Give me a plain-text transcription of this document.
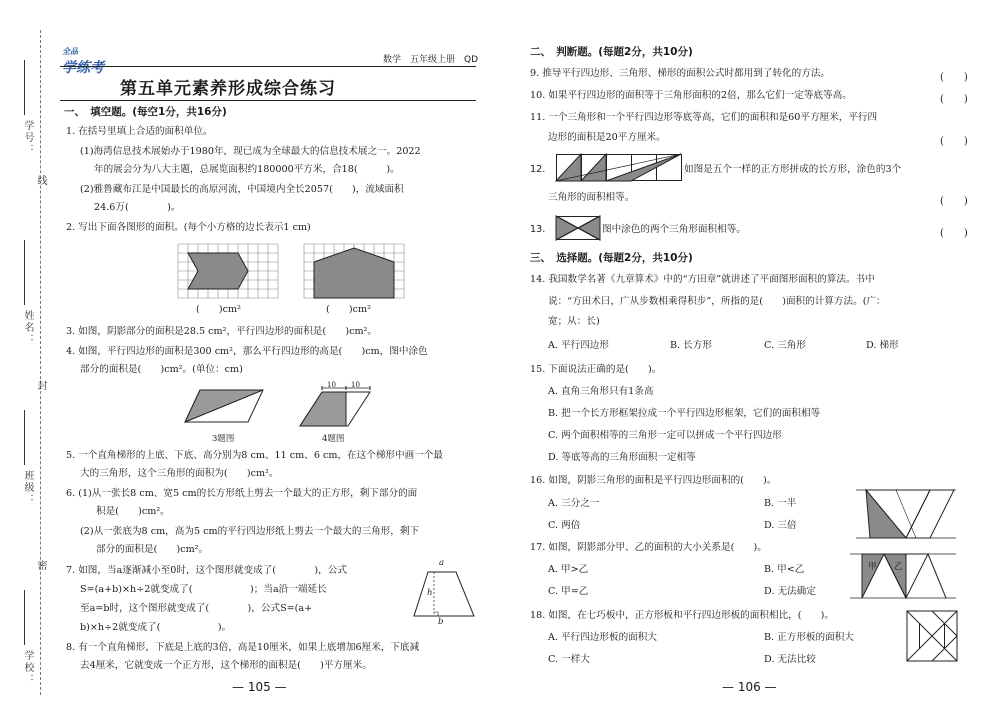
学号：
线
姓名：
封
班级：
密
学校：
全品
学练考	数学　五年级上册　QD
第五单元素养形成综合练习
一、　填空题。(每空1分，共16分)
1. 在括号里填上合适的面积单位。
(1)海湾信息技术展始办于1980年，现已成为全球最大的信息技术展之一。2022
年的展会分为八大主题，总展览面积约180000平方米，合18(　　　)。
(2)雅鲁藏布江是中国最长的高原河流，中国境内全长2057(　　)，流域面积
24.6万(　　　　)。
2. 写出下面各图形的面积。(每个小方格的边长表示1 cm)
(　　)cm²	(　　)cm²
3. 如图，阴影部分的面积是28.5 cm²，平行四边形的面积是(　　)cm²。
4. 如图，平行四边形的面积是300 cm²，那么平行四边形的高是(　　)cm，图中涂色
部分的面积是(　　)cm²。(单位：cm)
3题图
10 10
4题图
5. 一个直角梯形的上底、下底、高分别为8 cm、11 cm、6 cm，在这个梯形中画一个最
大的三角形，这个三角形的面积为(　　)cm²。
6. (1)从一张长8 cm、宽5 cm的长方形纸上剪去一个最大的正方形，剩下部分的面
积是(　　)cm²。
(2)从一张底为8 cm，高为5 cm的平行四边形纸上剪去一个最大的三角形，剩下
部分的面积是(　　)cm²。
7. 如图，当a逐渐减小至0时，这个图形就变成了(　　　　)，公式
S=(a+b)×h÷2就变成了(　　　　　　)；当a沿一端延长
至a=b时，这个图形就变成了(　　　　)，公式S=(a+
b)×h÷2就变成了(　　　　　　)。
a
b
h
8. 有一个直角梯形，下底是上底的3倍，高是10厘米，如果上底增加6厘米，下底减
去4厘米，它就变成一个正方形，这个梯形的面积是(　　)平方厘米。
— 105 —
二、　判断题。(每题2分，共10分)
9. 推导平行四边形、三角形、梯形的面积公式时都用到了转化的方法。	(　　)
10. 如果平行四边形的面积等于三角形面积的2倍，那么它们一定等底等高。	(　　)
11. 一个三角形和一个平行四边形等底等高，它们的面积和是60平方厘米，平行四
边形的面积是20平方厘米。	(　　)
12.	如图是五个一样的正方形拼成的长方形，涂色的3个
三角形的面积相等。	(　　)
13.	图中涂色的两个三角形面积相等。	(　　)
三、　选择题。(每题2分，共10分)
14. 我国数学名著《九章算术》中的“方田章”就讲述了平面图形面积的算法。书中
说：“方田术曰，广从步数相乘得积步”，所指的是(　　)面积的计算方法。(广：
宽；从：长)
A. 平行四边形	B. 长方形	C. 三角形	D. 梯形
15. 下面说法正确的是(　　)。
A. 直角三角形只有1条高
B. 把一个长方形框架拉成一个平行四边形框架，它们的面积相等
C. 两个面积相等的三角形一定可以拼成一个平行四边形
D. 等底等高的三角形面积一定相等
16. 如图，阴影三角形的面积是平行四边形面积的(　　)。
A. 三分之一	B. 一半
C. 两倍	D. 三倍
17. 如图，阴影部分甲、乙的面积的大小关系是(　　)。
A. 甲>乙	B. 甲<乙
C. 甲=乙	D. 无法确定
甲 乙
18. 如图，在七巧板中，正方形板和平行四边形板的面积相比，(　　)。
A. 平行四边形板的面积大	B. 正方形板的面积大
C. 一样大	D. 无法比较
— 106 —
